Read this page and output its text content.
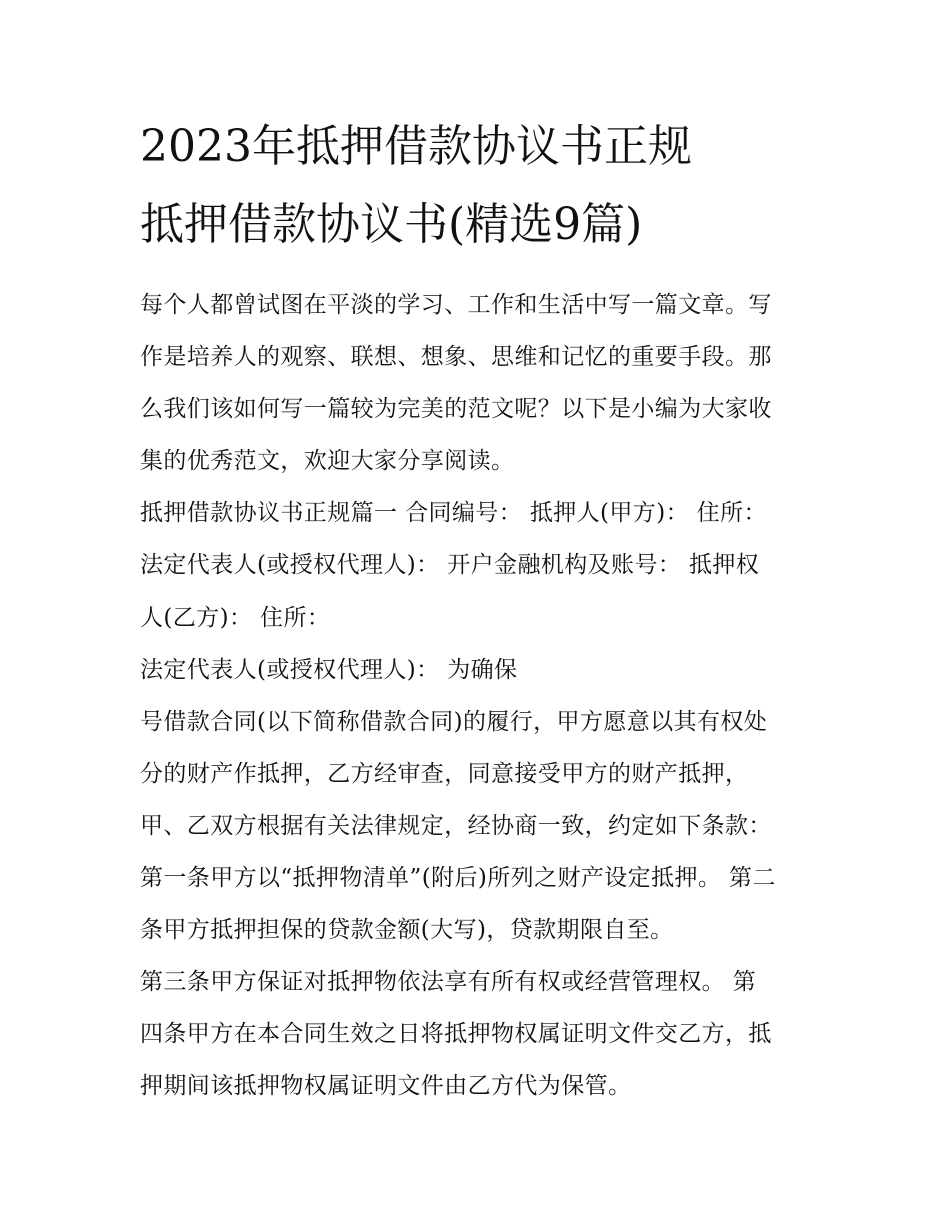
2023年抵押借款协议书正规
抵押借款协议书(精选9篇)
每个人都曾试图在平淡的学习、工作和生活中写一篇文章。写
作是培养人的观察、联想、想象、思维和记忆的重要手段。那
么我们该如何写一篇较为完美的范文呢？以下是小编为大家收
集的优秀范文，欢迎大家分享阅读。
抵押借款协议书正规篇一 合同编号： 抵押人(甲方)： 住所：
法定代表人(或授权代理人)： 开户金融机构及账号： 抵押权
人(乙方)： 住所：
法定代表人(或授权代理人)： 为确保
号借款合同(以下简称借款合同)的履行，甲方愿意以其有权处
分的财产作抵押，乙方经审查，同意接受甲方的财产抵押，
甲、乙双方根据有关法律规定，经协商一致，约定如下条款：
第一条甲方以“抵押物清单”(附后)所列之财产设定抵押。 第二
条甲方抵押担保的贷款金额(大写)，贷款期限自至。
第三条甲方保证对抵押物依法享有所有权或经营管理权。 第
四条甲方在本合同生效之日将抵押物权属证明文件交乙方，抵
押期间该抵押物权属证明文件由乙方代为保管。
